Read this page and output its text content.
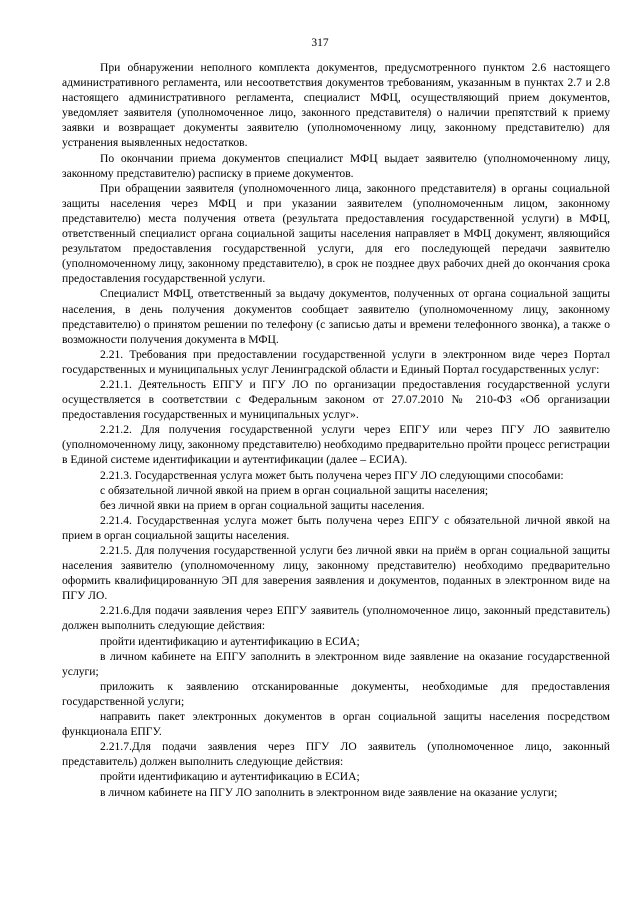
317

При обнаружении неполного комплекта документов, предусмотренного пунктом 2.6 настоящего административного регламента, или несоответствия документов требованиям, указанным в пунктах 2.7 и 2.8 настоящего административного регламента, специалист МФЦ, осуществляющий прием документов, уведомляет заявителя (уполномоченное лицо, законного представителя) о наличии препятствий к приему заявки и возвращает документы заявителю (уполномоченному лицу, законному представителю) для устранения выявленных недостатков.

По окончании приема документов специалист МФЦ выдает заявителю (уполномоченному лицу, законному представителю) расписку в приеме документов.

При обращении заявителя (уполномоченного лица, законного представителя) в органы социальной защиты населения через МФЦ и при указании заявителем (уполномоченным лицом, законному представителю) места получения ответа (результата предоставления государственной услуги) в МФЦ, ответственный специалист органа социальной защиты населения направляет в МФЦ документ, являющийся результатом предоставления государственной услуги, для его последующей передачи заявителю (уполномоченному лицу, законному представителю), в срок не позднее двух рабочих дней до окончания срока предоставления государственной услуги.

Специалист МФЦ, ответственный за выдачу документов, полученных от органа социальной защиты населения, в день получения документов сообщает заявителю (уполномоченному лицу, законному представителю) о принятом решении по телефону (с записью даты и времени телефонного звонка), а также о возможности получения документа в МФЦ.

2.21. Требования при предоставлении государственной услуги в электронном виде через Портал государственных и муниципальных услуг Ленинградской области и Единый Портал государственных услуг:

2.21.1. Деятельность ЕПГУ и ПГУ ЛО по организации предоставления государственной услуги осуществляется в соответствии с Федеральным законом от 27.07.2010 № 210-ФЗ «Об организации предоставления государственных и муниципальных услуг».

2.21.2. Для получения государственной услуги через ЕПГУ или через ПГУ ЛО заявителю (уполномоченному лицу, законному представителю) необходимо предварительно пройти процесс регистрации в Единой системе идентификации и аутентификации (далее – ЕСИА).

2.21.3. Государственная услуга может быть получена через ПГУ ЛО следующими способами:

с обязательной личной явкой на прием в орган социальной защиты населения;

без личной явки на прием в орган социальной защиты населения.

2.21.4. Государственная услуга может быть получена через ЕПГУ с обязательной личной явкой на прием в орган социальной защиты населения.

2.21.5. Для получения государственной услуги без личной явки на приём в орган социальной защиты населения заявителю (уполномоченному лицу, законному представителю) необходимо предварительно оформить квалифицированную ЭП для заверения заявления и документов, поданных в электронном виде на ПГУ ЛО.

2.21.6.Для подачи заявления через ЕПГУ заявитель (уполномоченное лицо, законный представитель) должен выполнить следующие действия:

пройти идентификацию и аутентификацию в ЕСИА;

в личном кабинете на ЕПГУ заполнить в электронном виде заявление на оказание государственной услуги;

приложить к заявлению отсканированные документы, необходимые для предоставления государственной услуги;

направить пакет электронных документов в орган социальной защиты населения посредством функционала ЕПГУ.

2.21.7.Для подачи заявления через ПГУ ЛО заявитель (уполномоченное лицо, законный представитель) должен выполнить следующие действия:

пройти идентификацию и аутентификацию в ЕСИА;

в личном кабинете на ПГУ ЛО заполнить в электронном виде заявление на оказание услуги;
